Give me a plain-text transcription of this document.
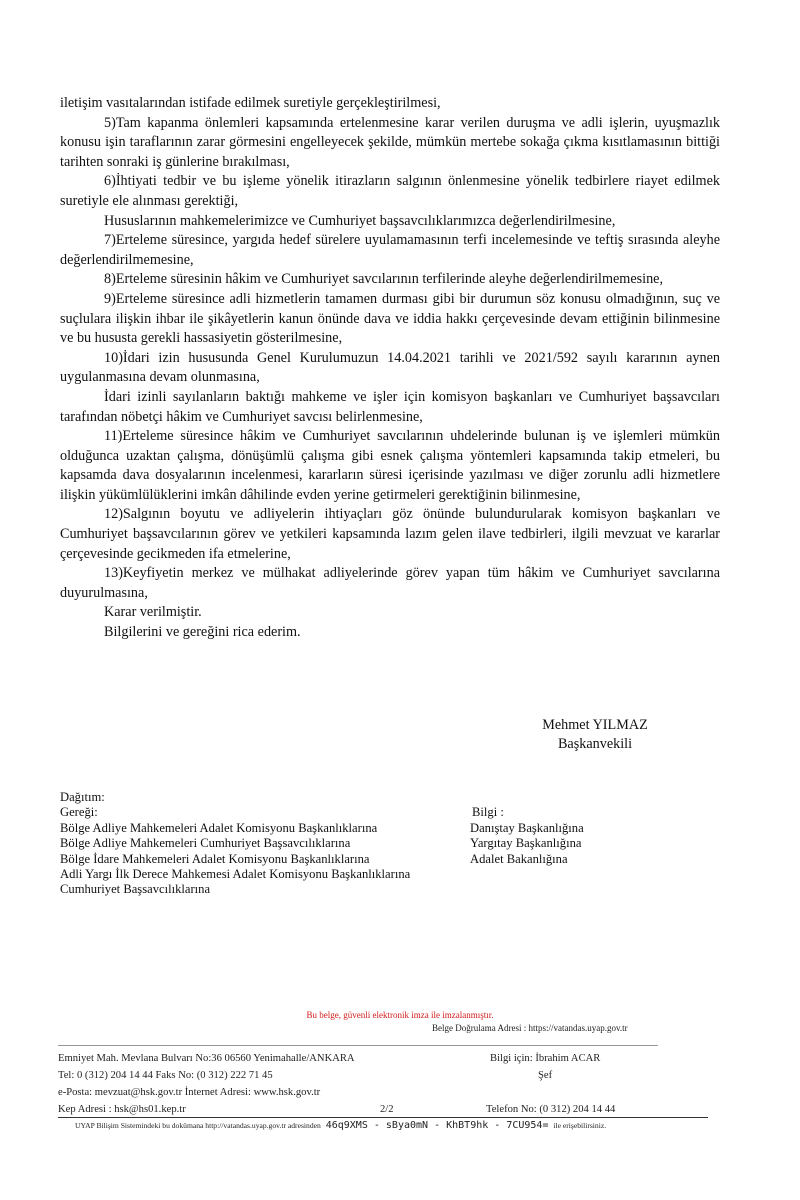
iletişim vasıtalarından istifade edilmek suretiyle gerçekleştirilmesi,

5)Tam kapanma önlemleri kapsamında ertelenmesine karar verilen duruşma ve adli işlerin, uyuşmazlık konusu işin taraflarının zarar görmesini engelleyecek şekilde, mümkün mertebe sokağa çıkma kısıtlamasının bittiği tarihten sonraki iş günlerine bırakılması,

6)İhtiyati tedbir ve bu işleme yönelik itirazların salgının önlenmesine yönelik tedbirlere riayet edilmek suretiyle ele alınması gerektiği,

Hususlarının mahkemelerimizce ve Cumhuriyet başsavcılıklarımızca değerlendirilmesine,

7)Erteleme süresince, yargıda hedef sürelere uyulamamasının terfi incelemesinde ve teftiş sırasında aleyhe değerlendirilmemesine,

8)Erteleme süresinin hâkim ve Cumhuriyet savcılarının terfilerinde aleyhe değerlendirilmemesine,

9)Erteleme süresince adli hizmetlerin tamamen durması gibi bir durumun söz konusu olmadığının, suç ve suçlulara ilişkin ihbar ile şikâyetlerin kanun önünde dava ve iddia hakkı çerçevesinde devam ettiğinin bilinmesine ve bu hususta gerekli hassasiyetin gösterilmesine,

10)İdari izin hususunda Genel Kurulumuzun 14.04.2021 tarihli ve 2021/592 sayılı kararının aynen uygulanmasına devam olunmasına,

İdari izinli sayılanların baktığı mahkeme ve işler için komisyon başkanları ve Cumhuriyet başsavcıları tarafından nöbetçi hâkim ve Cumhuriyet savcısı belirlenmesine,

11)Erteleme süresince hâkim ve Cumhuriyet savcılarının uhdelerinde bulunan iş ve işlemleri mümkün olduğunca uzaktan çalışma, dönüşümlü çalışma gibi esnek çalışma yöntemleri kapsamında takip etmeleri, bu kapsamda dava dosyalarının incelenmesi, kararların süresi içerisinde yazılması ve diğer zorunlu adli hizmetlere ilişkin yükümlülüklerini imkân dâhilinde evden yerine getirmeleri gerektiğinin bilinmesine,

12)Salgının boyutu ve adliyelerin ihtiyaçları göz önünde bulundurularak komisyon başkanları ve Cumhuriyet başsavcılarının görev ve yetkileri kapsamında lazım gelen ilave tedbirleri, ilgili mevzuat ve kararlar çerçevesinde gecikmeden ifa etmelerine,

13)Keyfiyetin merkez ve mülhakat adliyelerinde görev yapan tüm hâkim ve Cumhuriyet savcılarına duyurulmasına,

Karar verilmiştir.

Bilgilerini ve gereğini rica ederim.

Mehmet YILMAZ
Başkanvekili
Dağıtım:
Gereği:
Bölge Adliye Mahkemeleri Adalet Komisyonu Başkanlıklarına
Bölge Adliye Mahkemeleri Cumhuriyet Başsavcılıklarına
Bölge İdare Mahkemeleri Adalet Komisyonu Başkanlıklarına
Adli Yargı İlk Derece Mahkemesi Adalet Komisyonu Başkanlıklarına
Cumhuriyet Başsavcılıklarına
Bilgi :
Danıştay Başkanlığına
Yargıtay Başkanlığına
Adalet Bakanlığına
Bu belge, güvenli elektronik imza ile imzalanmıştır.
Belge Doğrulama Adresi : https://vatandas.uyap.gov.tr
Emniyet Mah. Mevlana Bulvarı No:36 06560 Yenimahalle/ANKARA
Tel: 0 (312) 204 14 44 Faks No: (0 312) 222 71 45
e-Posta: mevzuat@hsk.gov.tr İnternet Adresi: www.hsk.gov.tr
Bilgi için: İbrahim ACAR
Şef
Kep Adresi : hsk@hs01.kep.tr	2/2	Telefon No: (0 312) 204 14 44
UYAP Bilişim Sistemindeki bu dokümana http://vatandas.uyap.gov.tr adresinden 46q9XMS - sBya0mN - KhBT9hk - 7CU954= ile erişebilirsiniz.
